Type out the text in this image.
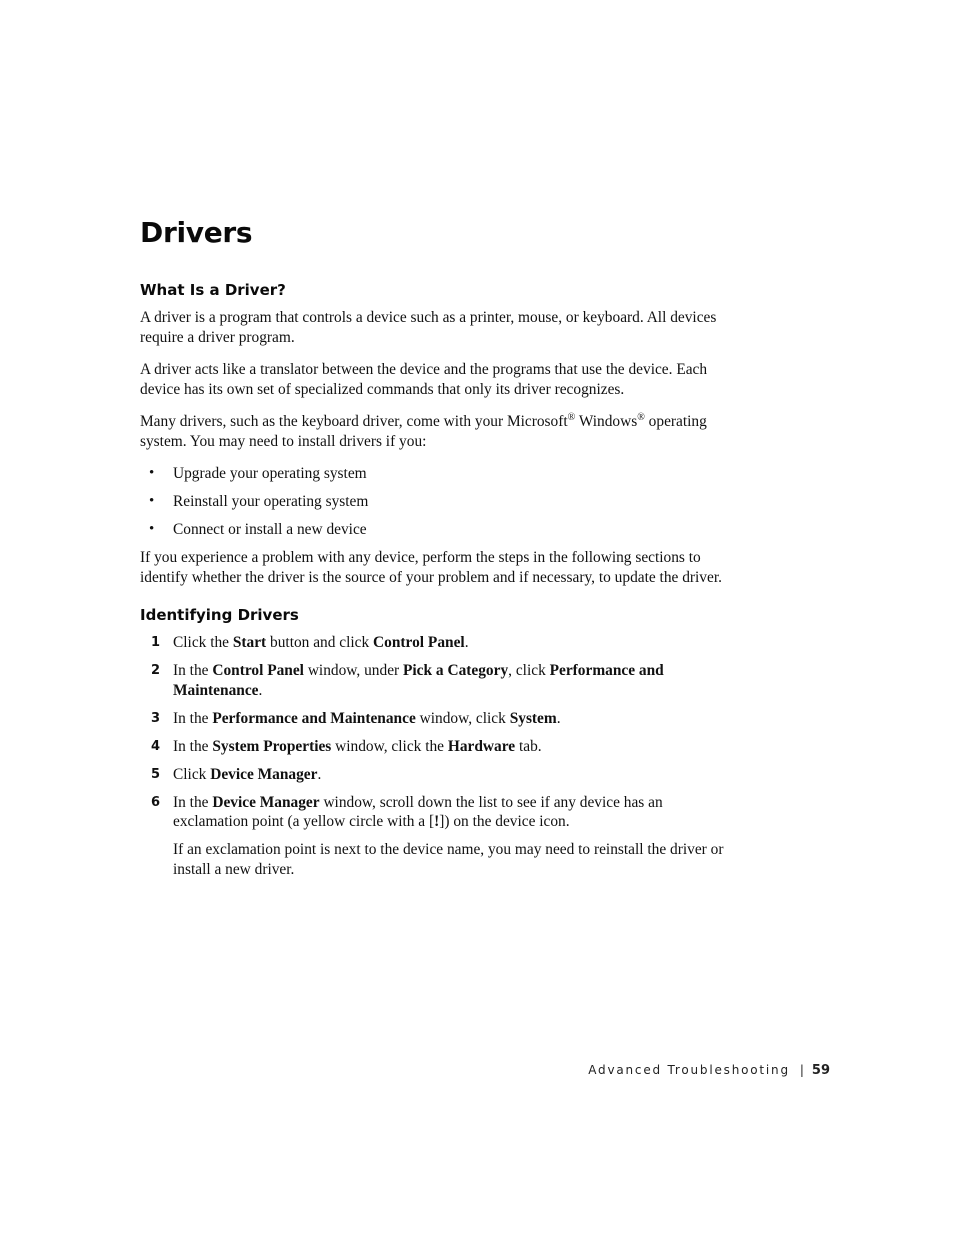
Drivers
What Is a Driver?

A driver is a program that controls a device such as a printer, mouse, or keyboard. All devices require a driver program.

A driver acts like a translator between the device and the programs that use the device. Each device has its own set of specialized commands that only its driver recognizes.

Many drivers, such as the keyboard driver, come with your Microsoft® Windows® operating system. You may need to install drivers if you:

• Upgrade your operating system
• Reinstall your operating system
• Connect or install a new device

If you experience a problem with any device, perform the steps in the following sections to identify whether the driver is the source of your problem and if necessary, to update the driver.

Identifying Drivers
1 Click the Start button and click Control Panel.
2 In the Control Panel window, under Pick a Category, click Performance and Maintenance.
3 In the Performance and Maintenance window, click System.
4 In the System Properties window, click the Hardware tab.
5 Click Device Manager.
6 In the Device Manager window, scroll down the list to see if any device has an exclamation point (a yellow circle with a [!]) on the device icon.

If an exclamation point is next to the device name, you may need to reinstall the driver or install a new driver.

Advanced Troubleshooting | 59
